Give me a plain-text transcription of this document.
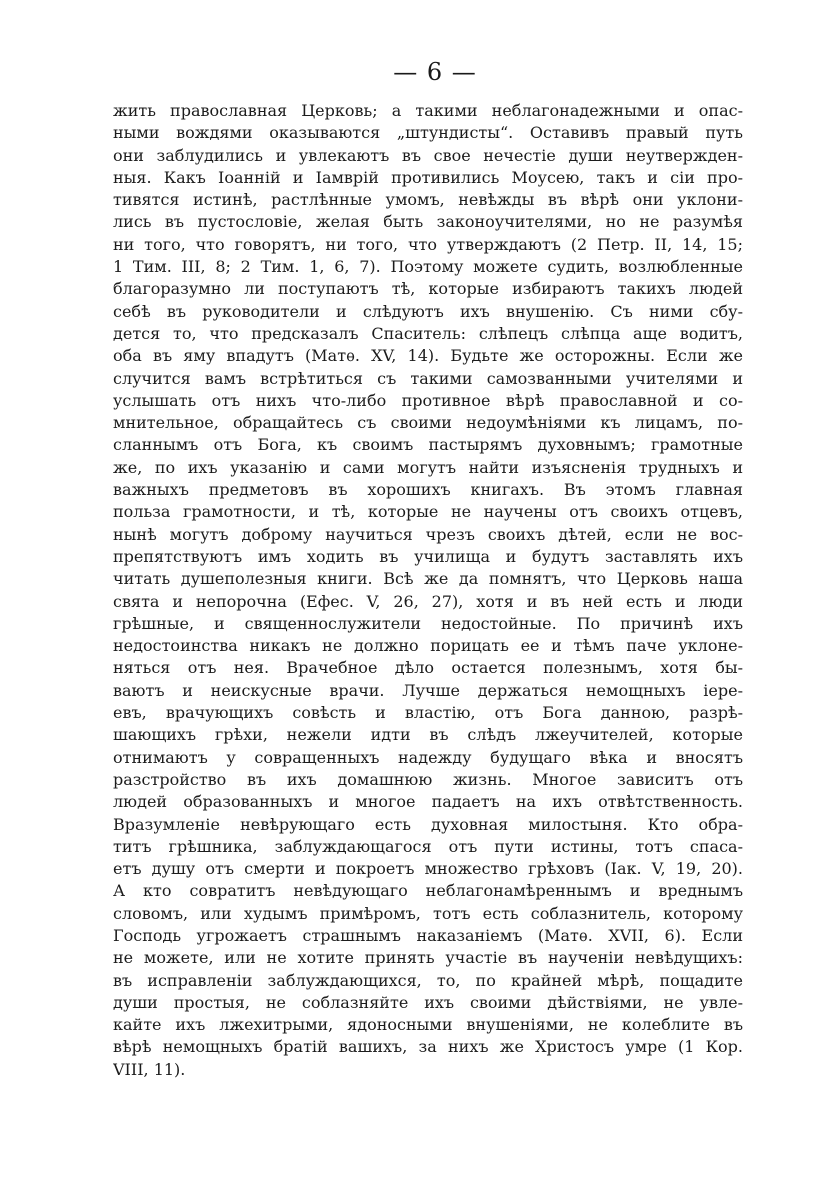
— 6 —
жить православная Церковь; а такими неблагонадежными и опас-
ными вождями оказываются „штундисты“. Оставивъ правый путь
они заблудились и увлекаютъ въ свое нечестіе души неутвержден-
ныя. Какъ Іоанній и Іамврій противились Моусею, такъ и сіи про-
тивятся истинѣ, растлѣнные умомъ, невѣжды въ вѣрѣ они уклони-
лись въ пустословіе, желая быть законоучителями, но не разумѣя
ни того, что говорятъ, ни того, что утверждаютъ (2 Петр. II, 14, 15;
1 Тим. III, 8; 2 Тим. 1, 6, 7). Поэтому можете судить, возлюбленные
благоразумно ли поступаютъ тѣ, которые избираютъ такихъ людей
себѣ въ руководители и слѣдуютъ ихъ внушенію. Съ ними сбу-
дется то, что предсказалъ Спаситель: слѣпецъ слѣпца аще водитъ,
оба въ яму впадутъ (Матѳ. XV, 14). Будьте же осторожны. Если же
случится вамъ встрѣтиться съ такими самозванными учителями и
услышать отъ нихъ что-либо противное вѣрѣ православной и со-
мнительное, обращайтесь съ своими недоумѣніями къ лицамъ, по-
сланнымъ отъ Бога, къ своимъ пастырямъ духовнымъ; грамотные
же, по ихъ указанію и сами могутъ найти изъясненія трудныхъ и
важныхъ предметовъ въ хорошихъ книгахъ. Въ этомъ главная
польза грамотности, и тѣ, которые не научены отъ своихъ отцевъ,
нынѣ могутъ доброму научиться чрезъ своихъ дѣтей, если не вос-
препятствуютъ имъ ходить въ училища и будутъ заставлять ихъ
читать душеполезныя книги. Всѣ же да помнятъ, что Церковь наша
свята и непорочна (Ефес. V, 26, 27), хотя и въ ней есть и люди
грѣшные, и священнослужители недостойные. По причинѣ ихъ
недостоинства никакъ не должно порицать ее и тѣмъ паче уклоне-
няться отъ нея. Врачебное дѣло остается полезнымъ, хотя бы-
ваютъ и неискусные врачи. Лучше держаться немощныхъ іерe-
евъ, врачующихъ совѣсть и властію, отъ Бога данною, разрѣ-
шающихъ грѣхи, нежели идти въ слѣдъ лжеучителей, которые
отнимаютъ у совращенныхъ надежду будущаго вѣка и вносятъ
разстройство въ ихъ домашнюю жизнь. Многое зависитъ отъ
людей образованныхъ и многое падаетъ на ихъ отвѣтственность.
Вразумленіе невѣрующаго есть духовная милостыня. Кто обра-
титъ грѣшника, заблуждающагося отъ пути истины, тотъ спаса-
етъ душу отъ смерти и покроетъ множество грѣховъ (Іак. V, 19, 20).
А кто совратитъ невѣдующаго неблагонамѣреннымъ и вреднымъ
словомъ, или худымъ примѣромъ, тотъ есть соблазнитель, которому
Господь угрожаетъ страшнымъ наказаніемъ (Матѳ. XVII, 6). Если
не можете, или не хотите принять участіе въ наученіи невѣдущихъ:
въ исправленіи заблуждающихся, то, по крайней мѣрѣ, пощадите
души простыя, не соблазняйте ихъ своими дѣйствіями, не увле-
кайте ихъ лжехитрыми, ядоносными внушеніями, не колеблите въ
вѣрѣ немощныхъ братій вашихъ, за нихъ же Христосъ умре (1 Кор.
VIII, 11).
